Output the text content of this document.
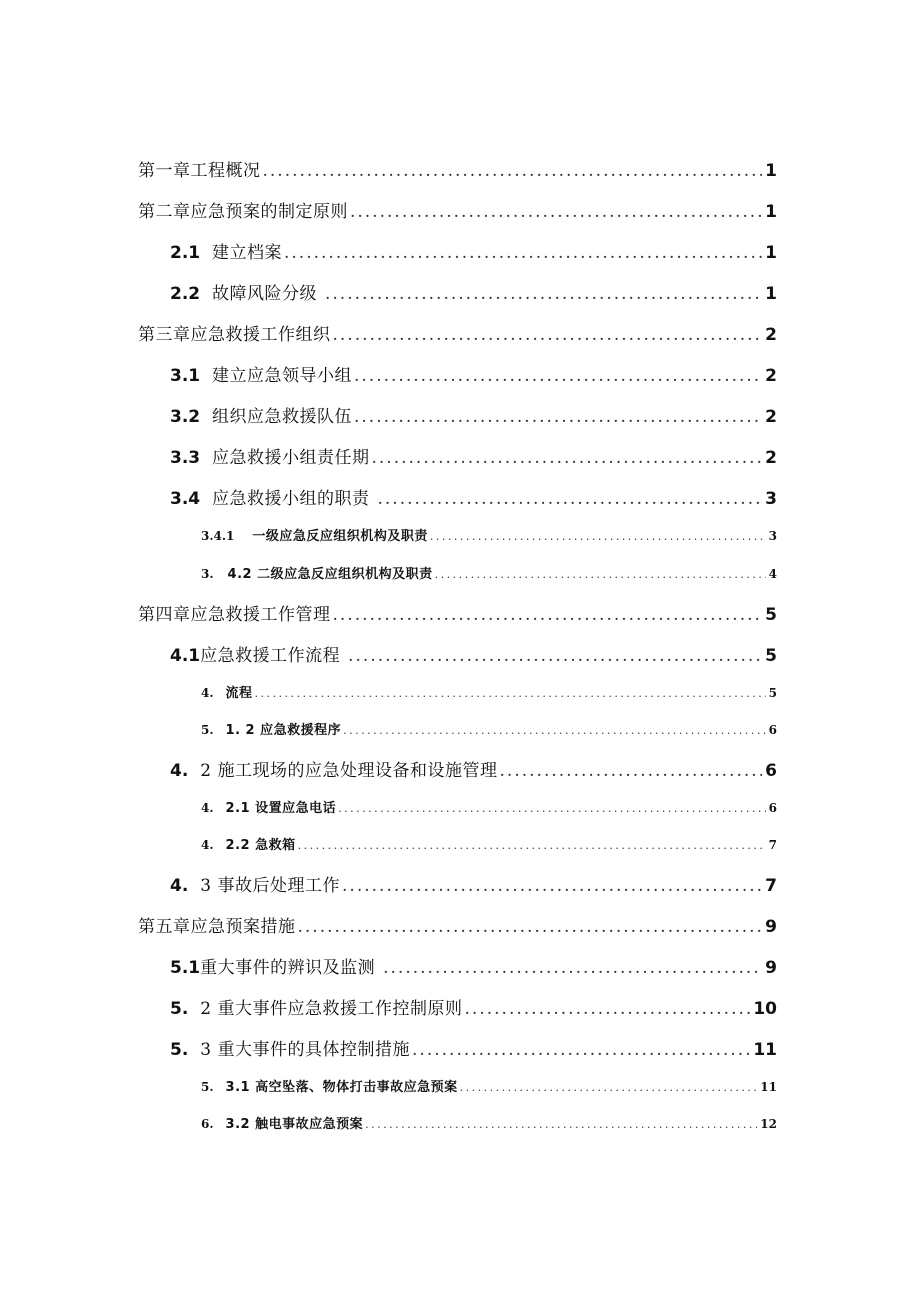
第一章工程概况 .....	1
第二章应急预案的制定原则 .....	1
2.1 建立档案 .....	1
2.2 故障风险分级 .....	1
第三章应急救援工作组织 .....	2
3.1 建立应急领导小组 .....	2
3.2 组织应急救援队伍 .....	2
3.3 应急救援小组责任期 .....	2
3.4 应急救援小组的职责 .....	3
3.4.1 一级应急反应组织机构及职责 .....	3
3. 4.2 二级应急反应组织机构及职责 .....	4
第四章应急救援工作管理 .....	5
4.1 应急救援工作流程 .....	5
4. 流程 .....	5
5. 1. 2 应急救援程序 .....	6
4. 2 施工现场的应急处理设备和设施管理 .....	6
4. 2.1 设置应急电话 .....	6
4. 2.2 急救箱 .....	7
4. 3 事故后处理工作 .....	7
第五章应急预案措施 .....	9
5.1 重大事件的辨识及监测 .....	9
5. 2 重大事件应急救援工作控制原则 .....	10
5. 3 重大事件的具体控制措施 .....	11
5. 3.1 高空坠落、物体打击事故应急预案 .....	11
6. 3.2 触电事故应急预案 .....	12
